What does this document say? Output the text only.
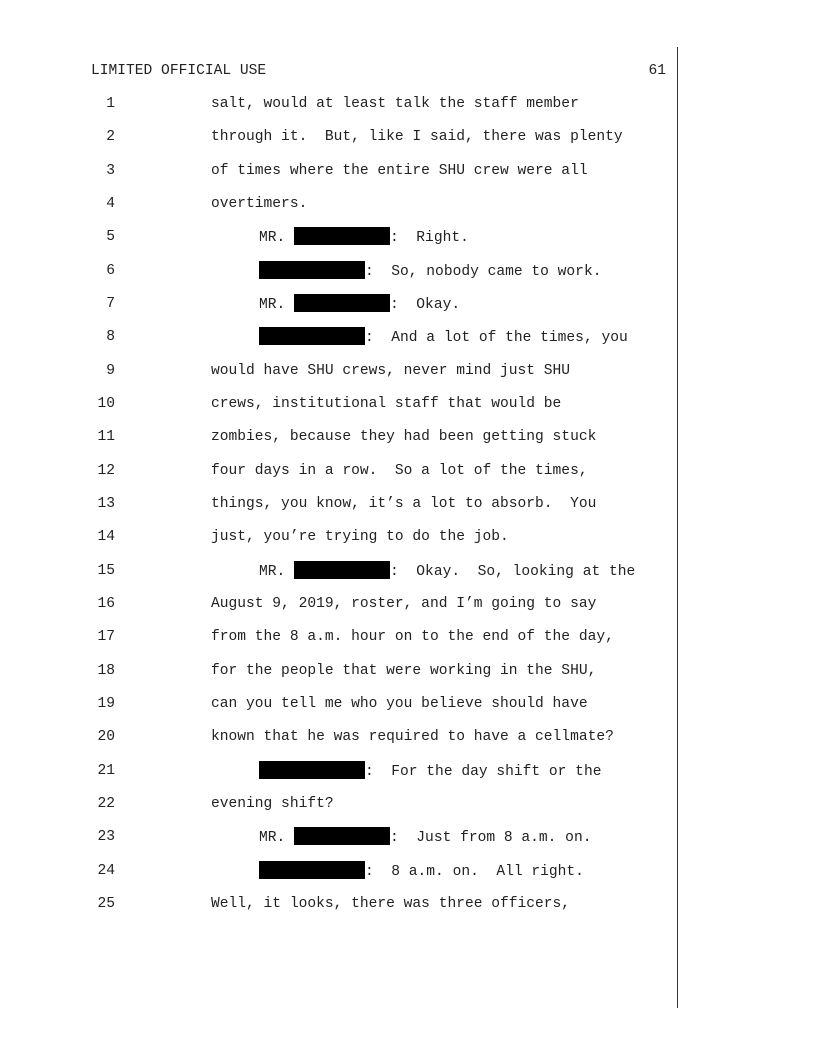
LIMITED OFFICIAL USE	61
1	salt, would at least talk the staff member
2	through it.  But, like I said, there was plenty
3	of times where the entire SHU crew were all
4	overtimers.
5	MR.	:  Right.
6	:  So, nobody came to work.
7	MR.	:  Okay.
8	:  And a lot of the times, you
9	would have SHU crews, never mind just SHU
10	crews, institutional staff that would be
11	zombies, because they had been getting stuck
12	four days in a row.  So a lot of the times,
13	things, you know, it’s a lot to absorb.  You
14	just, you’re trying to do the job.
15	MR.	:  Okay.  So, looking at the
16	August 9, 2019, roster, and I’m going to say
17	from the 8 a.m. hour on to the end of the day,
18	for the people that were working in the SHU,
19	can you tell me who you believe should have
20	known that he was required to have a cellmate?
21	:  For the day shift or the
22	evening shift?
23	MR.	:  Just from 8 a.m. on.
24	:  8 a.m. on.  All right.
25	Well, it looks, there was three officers,
